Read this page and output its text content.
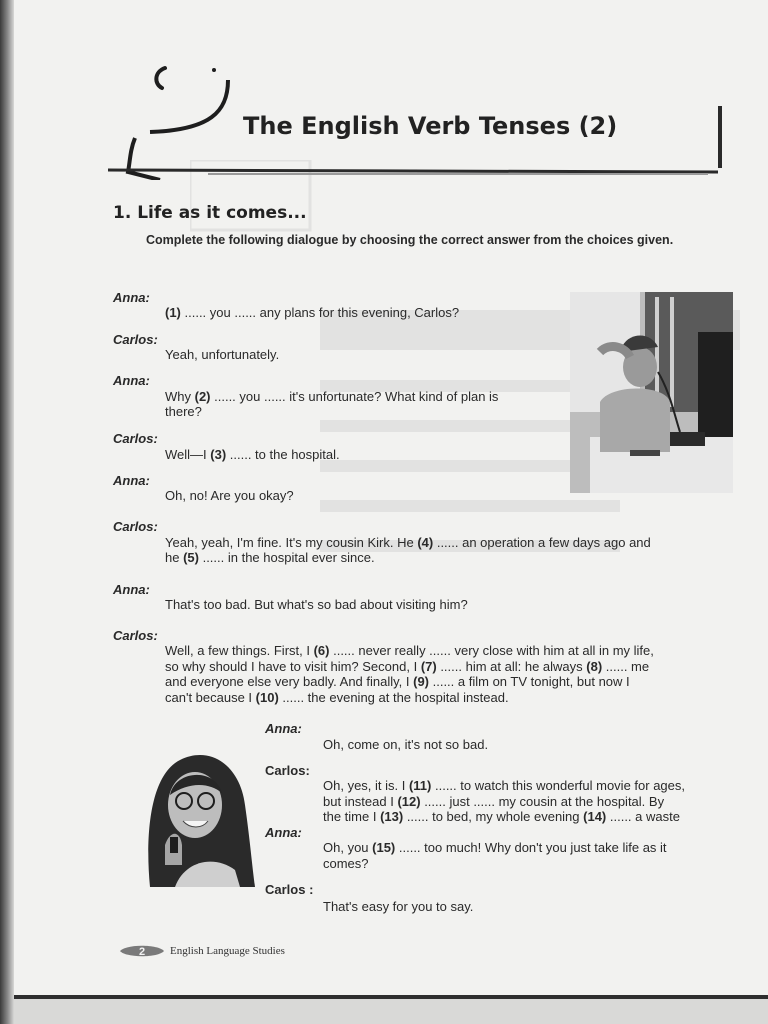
The English Verb Tenses (2)
1. Life as it comes...
Complete the following dialogue by choosing the correct answer from the choices given.
Anna:
(1) ...... you ...... any plans for this evening, Carlos?
Carlos:
Yeah, unfortunately.
Anna:
Why (2) ...... you ...... it's unfortunate? What kind of plan is
there?
Carlos:
Well—I (3) ...... to the hospital.
Anna:
Oh, no! Are you okay?
Carlos:
Yeah, yeah, I'm fine. It's my cousin Kirk. He (4) ...... an operation a few days ago and
he (5) ...... in the hospital ever since.
Anna:
That's too bad. But what's so bad about visiting him?
Carlos:
Well, a few things. First, I (6) ...... never really ...... very close with him at all in my life,
so why should I have to visit him? Second, I (7) ...... him at all: he always (8) ...... me
and everyone else very badly. And finally, I (9) ...... a film on TV tonight, but now I
can't because I (10) ...... the evening at the hospital instead.
Anna:
Oh, come on, it's not so bad.
Carlos:
Oh, yes, it is. I (11) ...... to watch this wonderful movie for ages,
but instead I (12) ...... just ...... my cousin at the hospital. By
the time I (13) ...... to bed, my whole evening (14) ...... a waste
Anna:
Oh, you (15) ...... too much! Why don't you just take life as it
comes?
Carlos :
That's easy for you to say.
2 English Language Studies
